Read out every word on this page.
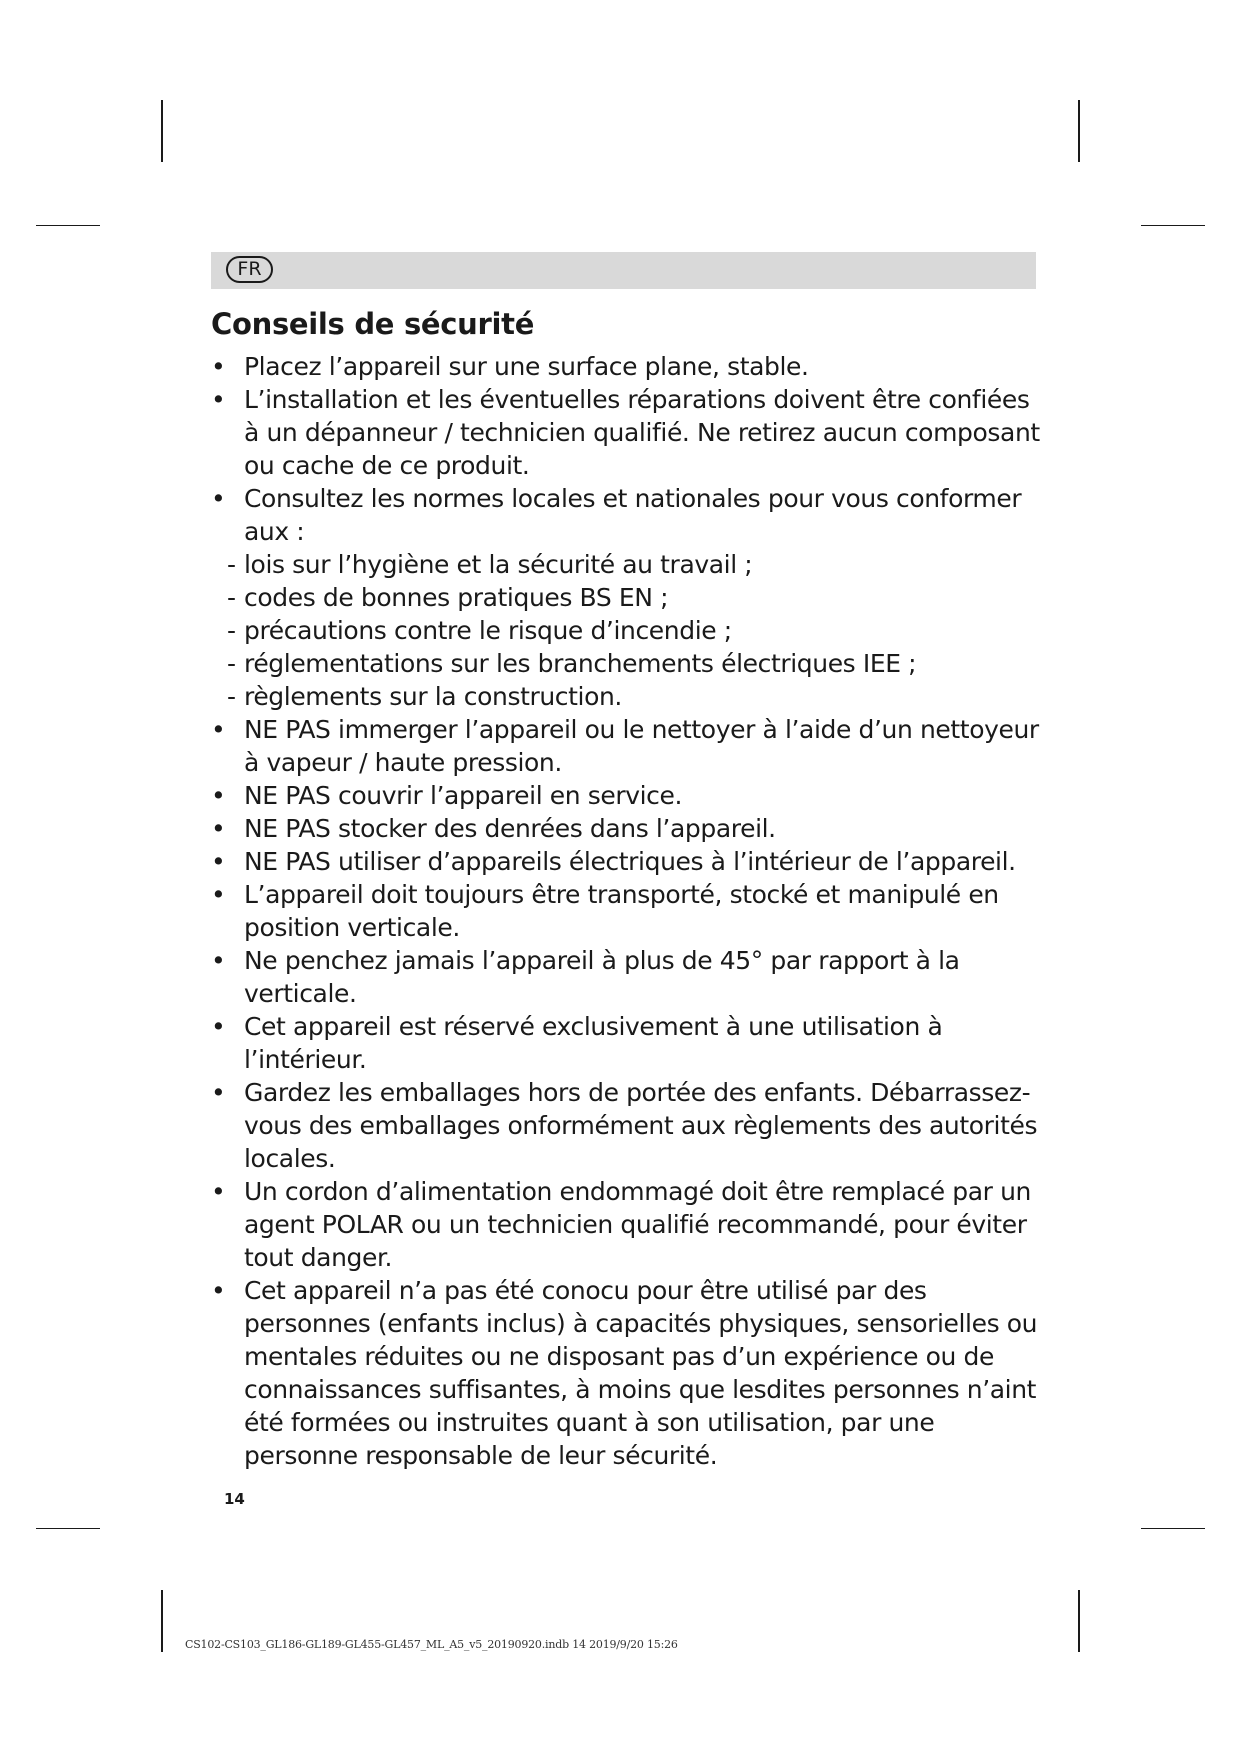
FR
Conseils de sécurité
• Placez l’appareil sur une surface plane, stable.
• L’installation et les éventuelles réparations doivent être confiées à un dépanneur / technicien qualifié. Ne retirez aucun composant ou cache de ce produit.
• Consultez les normes locales et nationales pour vous conformer aux :
- lois sur l’hygiène et la sécurité au travail ;
- codes de bonnes pratiques BS EN ;
- précautions contre le risque d’incendie ;
- réglementations sur les branchements électriques IEE ;
- règlements sur la construction.
• NE PAS immerger l’appareil ou le nettoyer à l’aide d’un nettoyeur à vapeur / haute pression.
• NE PAS couvrir l’appareil en service.
• NE PAS stocker des denrées dans l’appareil.
• NE PAS utiliser d’appareils électriques à l’intérieur de l’appareil.
• L’appareil doit toujours être transporté, stocké et manipulé en position verticale.
• Ne penchez jamais l’appareil à plus de 45° par rapport à la verticale.
• Cet appareil est réservé exclusivement à une utilisation à l’intérieur.
• Gardez les emballages hors de portée des enfants. Débarrassez-vous des emballages onformément aux règlements des autorités locales.
• Un cordon d’alimentation endommagé doit être remplacé par un agent POLAR ou un technicien qualifié recommandé, pour éviter tout danger.
• Cet appareil n’a pas été conocu pour être utilisé par des personnes (enfants inclus) à capacités physiques, sensorielles ou mentales réduites ou ne disposant pas d’un expérience ou de connaissances suffisantes, à moins que lesdites personnes n’aint été formées ou instruites quant à son utilisation, par une personne responsable de leur sécurité.
14
CS102-CS103_GL186-GL189-GL455-GL457_ML_A5_v5_20190920.indb 14 2019/9/20 15:26
